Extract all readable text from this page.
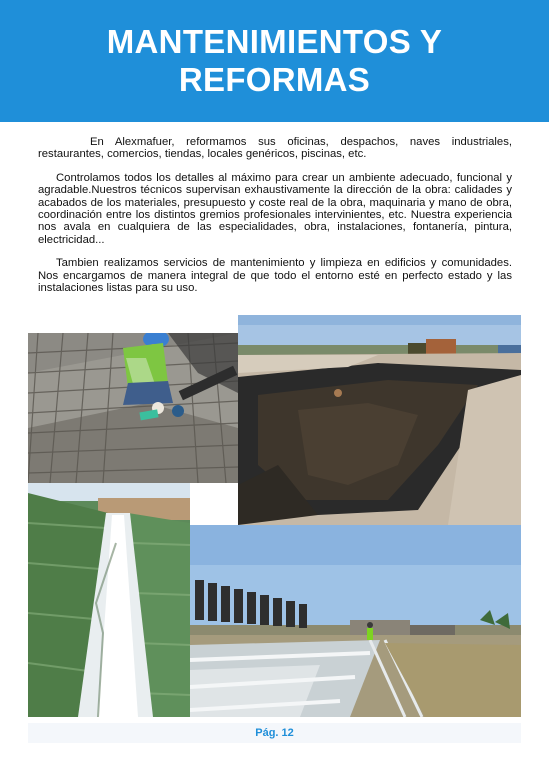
MANTENIMIENTOS Y
REFORMAS

En Alexmafuer, reformamos sus oficinas, despachos, naves industriales, restaurantes, comercios, tiendas, locales genéricos, piscinas, etc.

Controlamos todos los detalles al máximo para crear un ambiente adecuado, funcional y agradable.Nuestros técnicos supervisan exhaustivamente la dirección de la obra: calidades y acabados de los materiales, presupuesto y coste real de la obra, maquinaria y mano de obra, coordinación entre los distintos gremios profesionales intervinientes, etc. Nuestra experiencia nos avala en cualquiera de las especialidades, obra, instalaciones, fontanería, pintura, electricidad...

Tambien realizamos servicios de mantenimiento y limpieza en edificios y comunidades. Nos encargamos de manera integral de que todo el entorno esté en perfecto estado y las instalaciones listas para su uso.

Pág. 12
